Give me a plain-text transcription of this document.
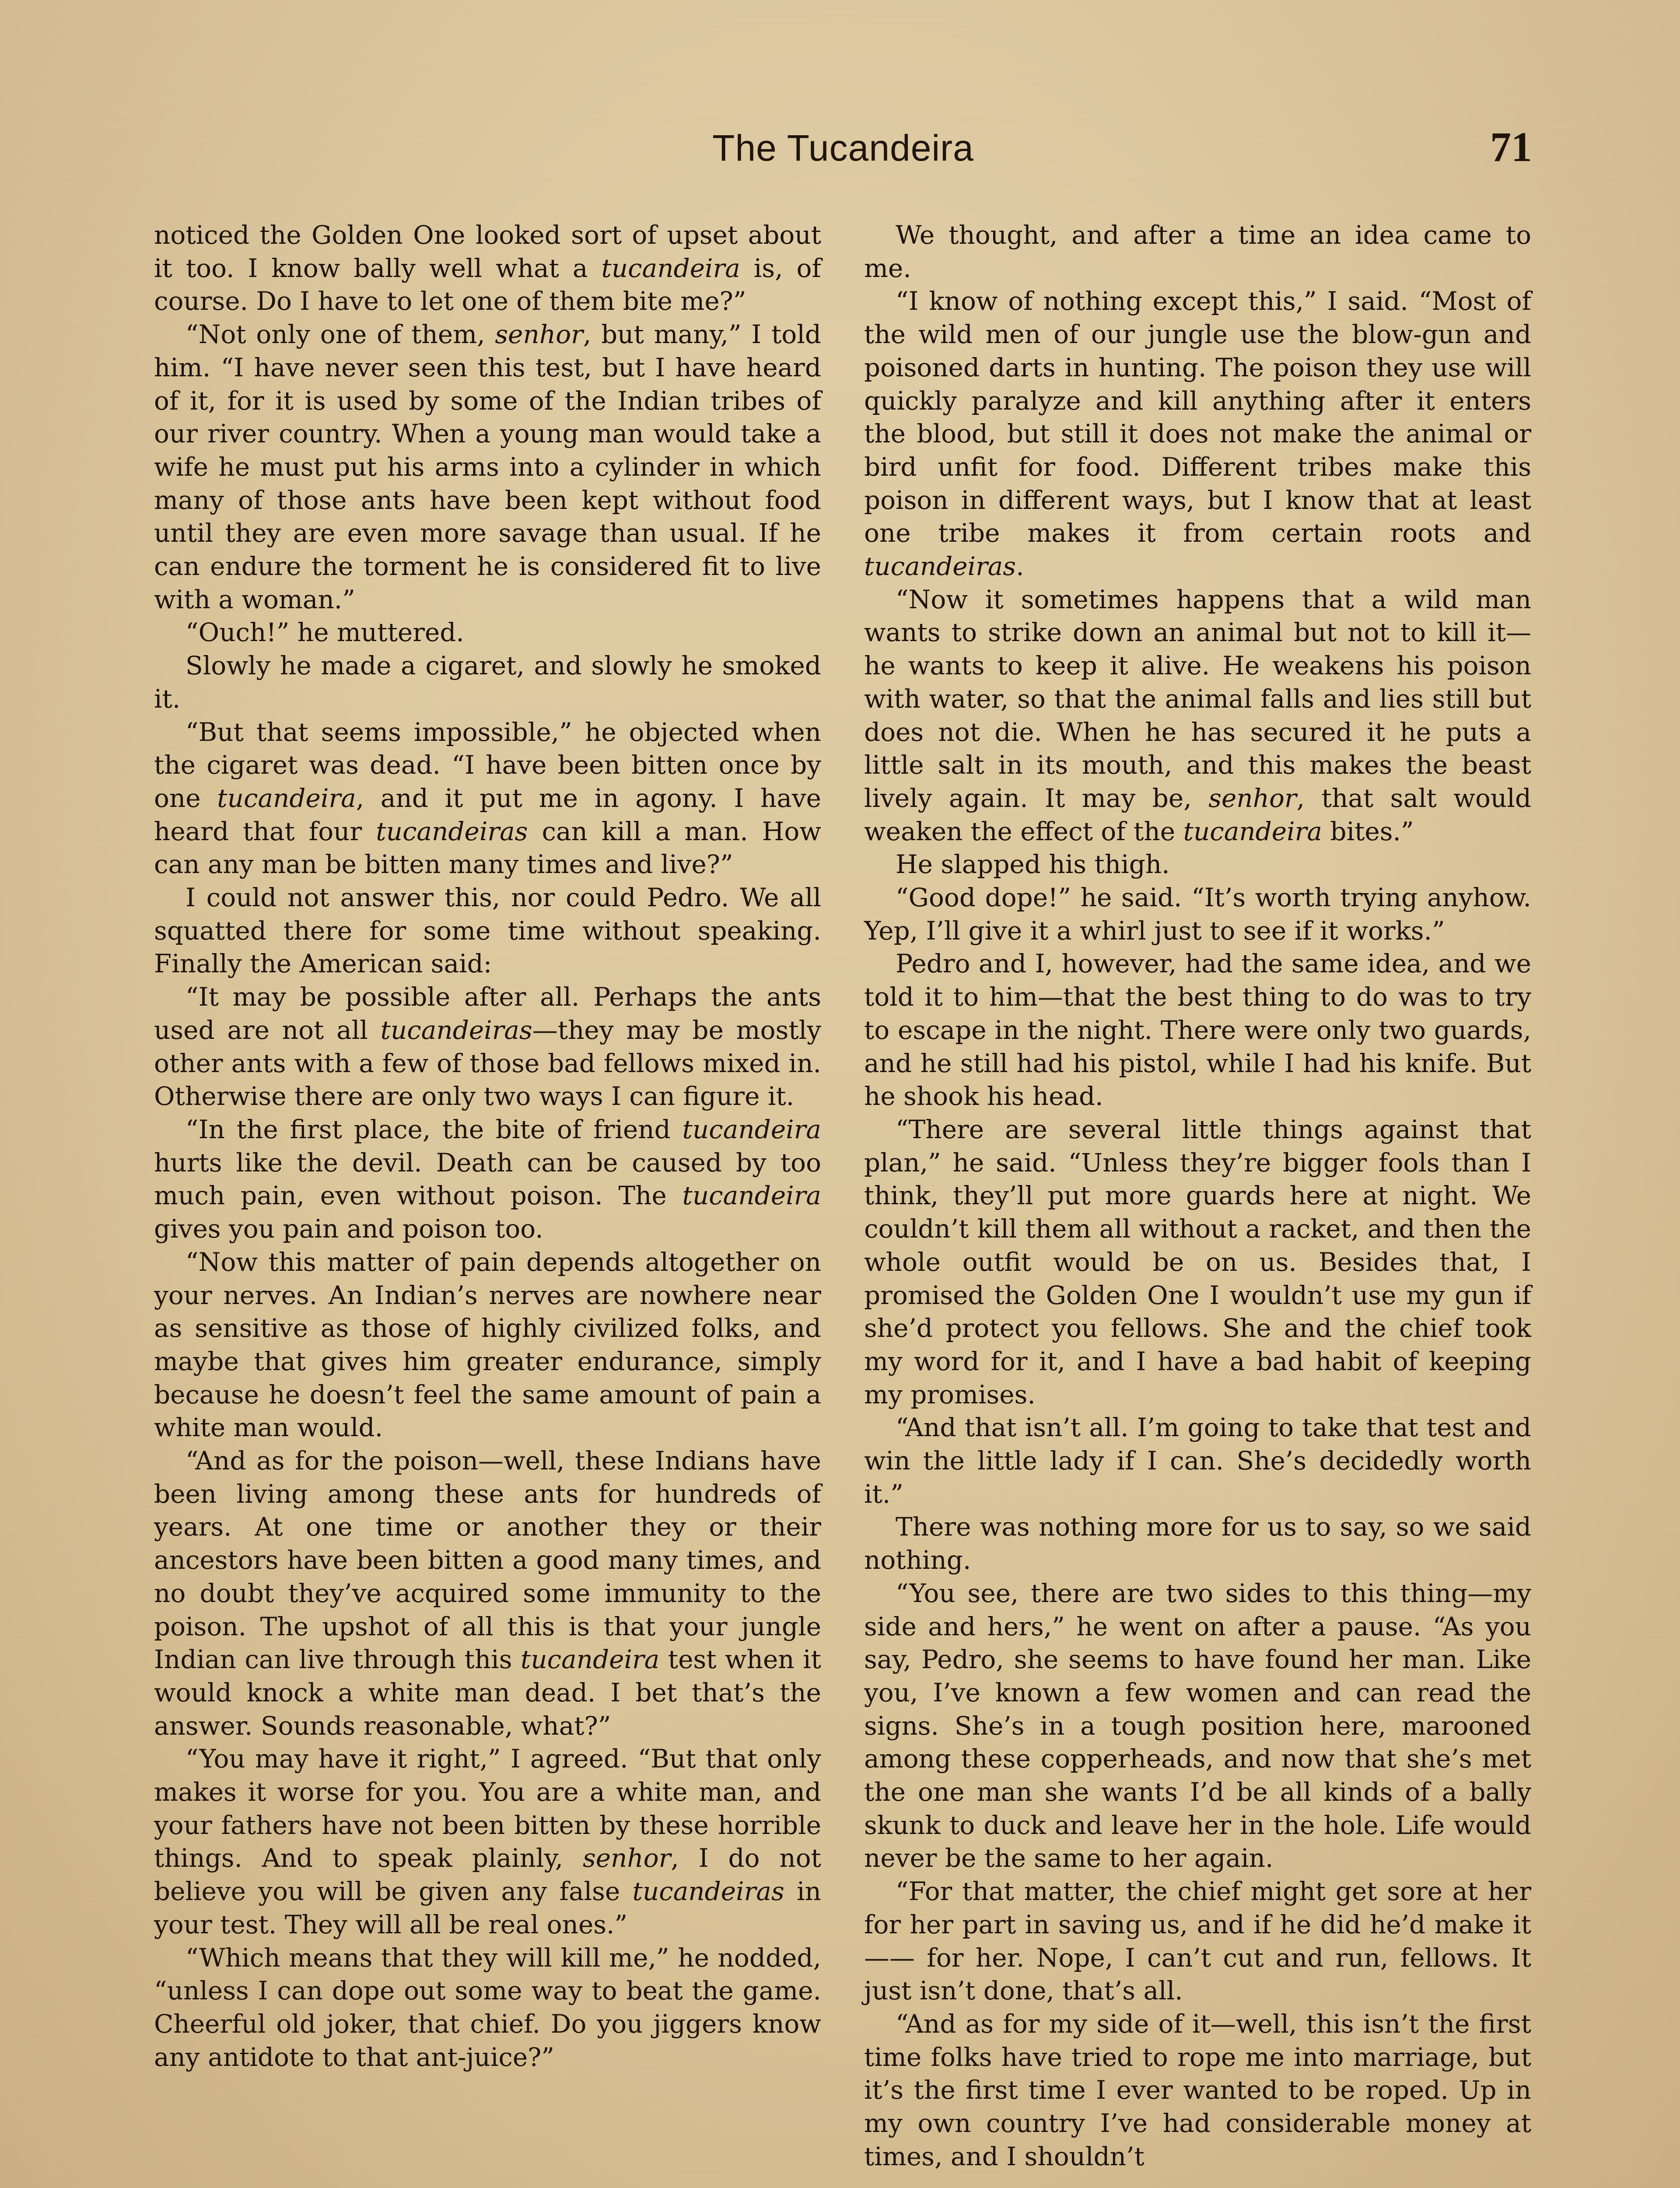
The Tucandeira	71

noticed the Golden One looked sort of upset about it too. I know bally well what a tucandeira is, of course. Do I have to let one of them bite me?”

“Not only one of them, senhor, but many,” I told him. “I have never seen this test, but I have heard of it, for it is used by some of the Indian tribes of our river country. When a young man would take a wife he must put his arms into a cylinder in which many of those ants have been kept without food until they are even more savage than usual. If he can endure the torment he is considered fit to live with a woman.”

“Ouch!” he muttered.

Slowly he made a cigaret, and slowly he smoked it.

“But that seems impossible,” he objected when the cigaret was dead. “I have been bitten once by one tucandeira, and it put me in agony. I have heard that four tucandeiras can kill a man. How can any man be bitten many times and live?”

I could not answer this, nor could Pedro. We all squatted there for some time without speaking. Finally the American said:

“It may be possible after all. Perhaps the ants used are not all tucandeiras—they may be mostly other ants with a few of those bad fellows mixed in. Otherwise there are only two ways I can figure it.

“In the first place, the bite of friend tucandeira hurts like the devil. Death can be caused by too much pain, even without poison. The tucandeira gives you pain and poison too.

“Now this matter of pain depends altogether on your nerves. An Indian’s nerves are nowhere near as sensitive as those of highly civilized folks, and maybe that gives him greater endurance, simply because he doesn’t feel the same amount of pain a white man would.

“And as for the poison—well, these Indians have been living among these ants for hundreds of years. At one time or another they or their ancestors have been bitten a good many times, and no doubt they’ve acquired some immunity to the poison. The upshot of all this is that your jungle Indian can live through this tucandeira test when it would knock a white man dead. I bet that’s the answer. Sounds reasonable, what?”

“You may have it right,” I agreed. “But that only makes it worse for you. You are a white man, and your fathers have not been bitten by these horrible things. And to speak plainly, senhor, I do not believe you will be given any false tucandeiras in your test. They will all be real ones.”

“Which means that they will kill me,” he nodded, “unless I can dope out some way to beat the game. Cheerful old joker, that chief. Do you jiggers know any antidote to that ant-juice?”

We thought, and after a time an idea came to me.

“I know of nothing except this,” I said. “Most of the wild men of our jungle use the blow-gun and poisoned darts in hunting. The poison they use will quickly paralyze and kill anything after it enters the blood, but still it does not make the animal or bird unfit for food. Different tribes make this poison in different ways, but I know that at least one tribe makes it from certain roots and tucandeiras.

“Now it sometimes happens that a wild man wants to strike down an animal but not to kill it—he wants to keep it alive. He weakens his poison with water, so that the animal falls and lies still but does not die. When he has secured it he puts a little salt in its mouth, and this makes the beast lively again. It may be, senhor, that salt would weaken the effect of the tucandeira bites.”

He slapped his thigh.

“Good dope!” he said. “It’s worth trying anyhow. Yep, I’ll give it a whirl just to see if it works.”

Pedro and I, however, had the same idea, and we told it to him—that the best thing to do was to try to escape in the night. There were only two guards, and he still had his pistol, while I had his knife. But he shook his head.

“There are several little things against that plan,” he said. “Unless they’re bigger fools than I think, they’ll put more guards here at night. We couldn’t kill them all without a racket, and then the whole outfit would be on us. Besides that, I promised the Golden One I wouldn’t use my gun if she’d protect you fellows. She and the chief took my word for it, and I have a bad habit of keeping my promises.

“And that isn’t all. I’m going to take that test and win the little lady if I can. She’s decidedly worth it.”

There was nothing more for us to say, so we said nothing.

“You see, there are two sides to this thing—my side and hers,” he went on after a pause. “As you say, Pedro, she seems to have found her man. Like you, I’ve known a few women and can read the signs. She’s in a tough position here, marooned among these copperheads, and now that she’s met the one man she wants I’d be all kinds of a bally skunk to duck and leave her in the hole. Life would never be the same to her again.

“For that matter, the chief might get sore at her for her part in saving us, and if he did he’d make it —— for her. Nope, I can’t cut and run, fellows. It just isn’t done, that’s all.

“And as for my side of it—well, this isn’t the first time folks have tried to rope me into marriage, but it’s the first time I ever wanted to be roped. Up in my own country I’ve had considerable money at times, and I shouldn’t
